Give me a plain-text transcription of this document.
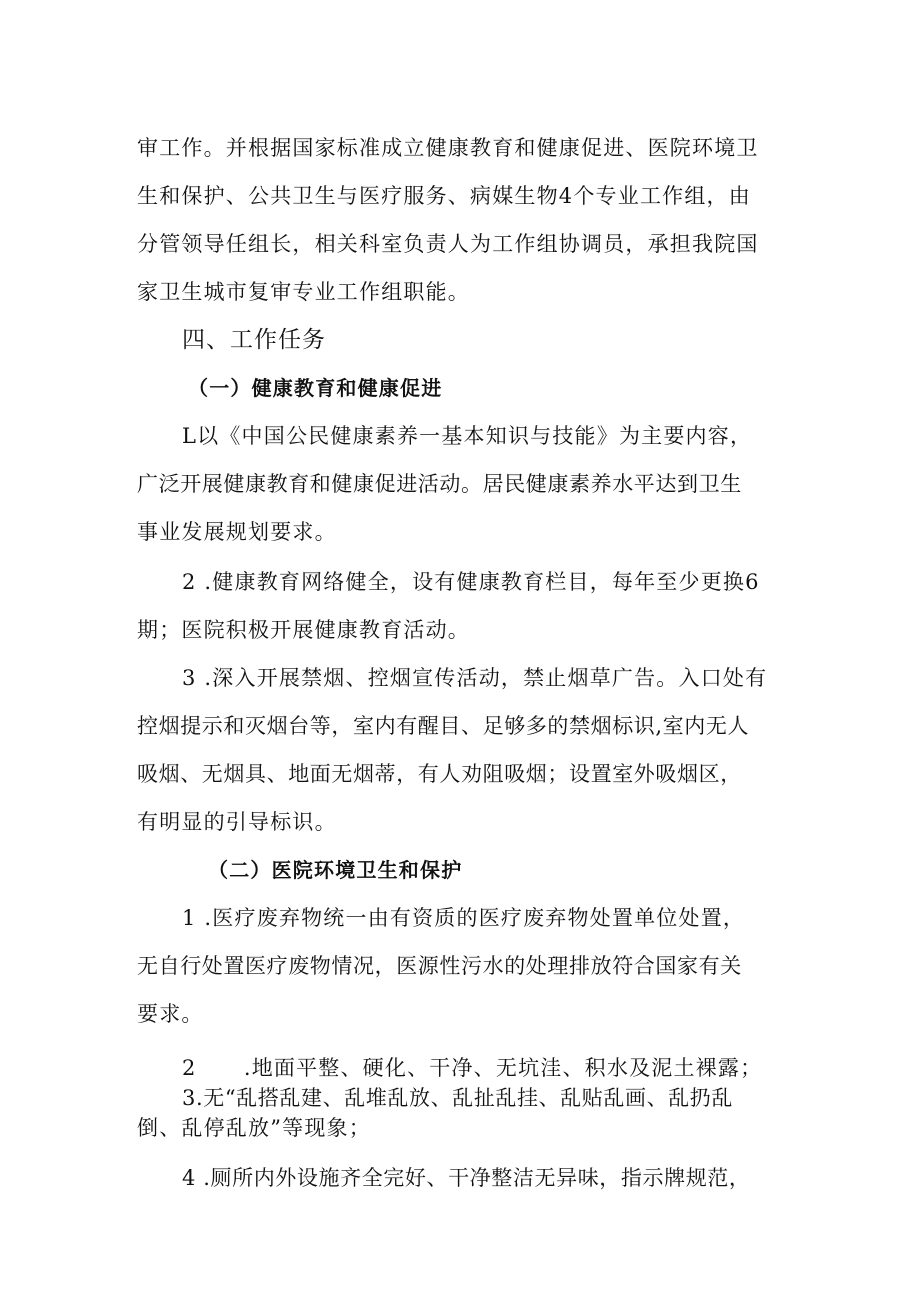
审工作。并根据国家标准成立健康教育和健康促进、医院环境卫
生和保护、公共卫生与医疗服务、病媒生物4个专业工作组，由
分管领导任组长，相关科室负责人为工作组协调员，承担我院国
家卫生城市复审专业工作组职能。
四、工作任务
（一）健康教育和健康促进
L以《中国公民健康素养一基本知识与技能》为主要内容，
广泛开展健康教育和健康促进活动。居民健康素养水平达到卫生
事业发展规划要求。
2 .健康教育网络健全，设有健康教育栏目，每年至少更换6
期；医院积极开展健康教育活动。
3 .深入开展禁烟、控烟宣传活动，禁止烟草广告。入口处有
控烟提示和灭烟台等，室内有醒目、足够多的禁烟标识,室内无人
吸烟、无烟具、地面无烟蒂，有人劝阻吸烟；设置室外吸烟区，
有明显的引导标识。
（二）医院环境卫生和保护
1 .医疗废弃物统一由有资质的医疗废弃物处置单位处置，
无自行处置医疗废物情况，医源性污水的处理排放符合国家有关
要求。
2      .地面平整、硬化、干净、无坑洼、积水及泥土裸露；
3.无“乱搭乱建、乱堆乱放、乱扯乱挂、乱贴乱画、乱扔乱
倒、乱停乱放”等现象；
4 .厕所内外设施齐全完好、干净整洁无异味，指示牌规范，
